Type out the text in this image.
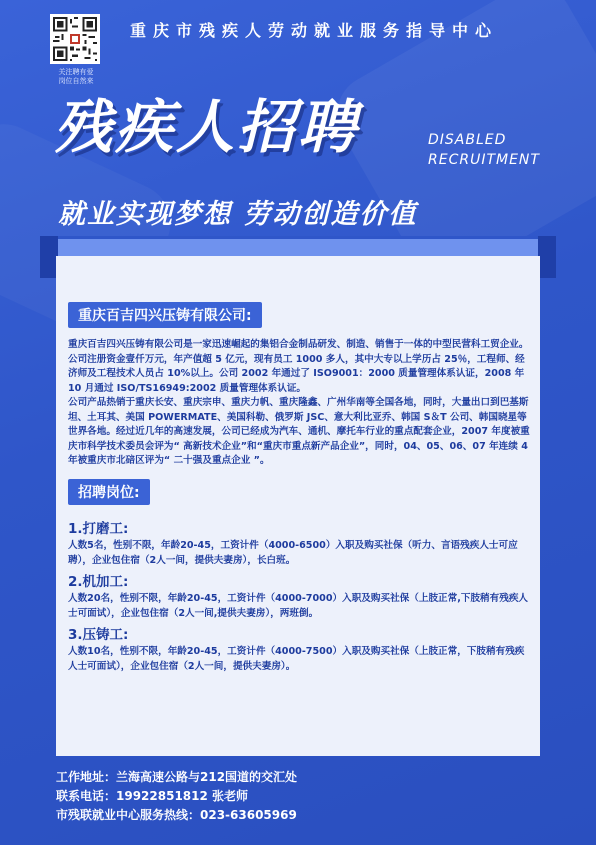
关注聘有爱
岗位自然来
重庆市残疾人劳动就业服务指导中心
残疾人招聘	DISABLED
RECRUITMENT
就业实现梦想 劳动创造价值
重庆百吉四兴压铸有限公司:

重庆百吉四兴压铸有限公司是一家迅速崛起的集铝合金制品研发、制造、销售于一体的中型民营科工贸企业。公司注册资金壹仟万元，年产值超 5 亿元，现有员工 1000 多人，其中大专以上学历占 25％，工程师、经济师及工程技术人员占 10%以上。公司 2002 年通过了 ISO9001：2000 质量管理体系认证，2008 年 10 月通过 ISO/TS16949:2002 质量管理体系认证。

公司产品热销于重庆长安、重庆宗申、重庆力帆、重庆隆鑫、广州华南等全国各地，同时，大量出口到巴基斯坦、土耳其、美国 POWERMATE、美国科勒、俄罗斯 JSC、意大利比亚乔、韩国 S＆T 公司、韩国晓星等世界各地。经过近几年的高速发展，公司已经成为汽车、通机、摩托车行业的重点配套企业，2007 年度被重庆市科学技术委员会评为“ 高新技术企业”和“重庆市重点新产品企业”，同时，04、05、06、07 年连续 4 年被重庆市北碚区评为“ 二十强及重点企业 ”。

招聘岗位:

1.打磨工:

人数5名，性别不限，年龄20-45，工资计件（4000-6500）入职及购买社保（听力、言语残疾人士可应聘），企业包住宿（2人一间，提供夫妻房），长白班。

2.机加工:

人数20名，性别不限，年龄20-45，工资计件（4000-7000）入职及购买社保（上肢正常,下肢稍有残疾人士可面试），企业包住宿（2人一间,提供夫妻房），两班倒。

3.压铸工:

人数10名，性别不限，年龄20-45，工资计件（4000-7500）入职及购买社保（上肢正常，下肢稍有残疾人士可面试），企业包住宿（2人一间，提供夫妻房）。

工作地址：兰海高速公路与212国道的交汇处
联系电话：19922851812 张老师
市残联就业中心服务热线：023-63605969
